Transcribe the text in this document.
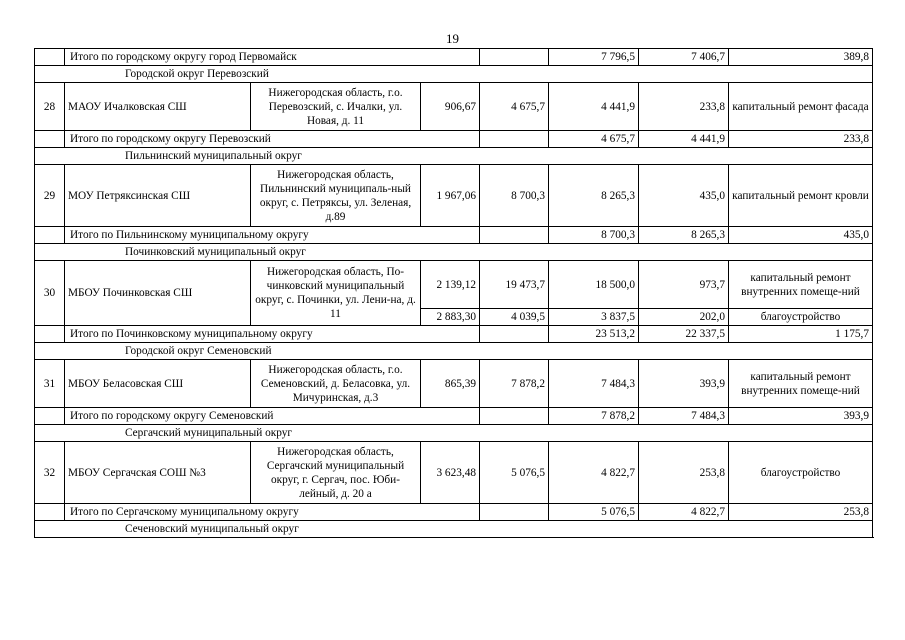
19
	Итого по городскому округу город Первомайск				7 796,5	7 406,7	389,8	
Городской округ Перевозский								
28	МАОУ Ичалковская СШ	Нижегородская область, г.о. Перевозский, с. Ичалки, ул. Новая, д. 11	906,67	4 675,7	4 441,9	233,8	капитальный ремонт фасада	
	Итого по городскому округу Перевозский				4 675,7	4 441,9	233,8	
Пильнинский муниципальный округ								
29	МОУ Петряксинская СШ	Нижегородская область, Пильнинский муниципаль-ный округ, с. Петряксы, ул. Зеленая, д.89	1 967,06	8 700,3	8 265,3	435,0	капитальный ремонт кровли	
	Итого по Пильнинскому муниципальному округу				8 700,3	8 265,3	435,0	
Починковский муниципальный округ								
30	МБОУ Починковская СШ	Нижегородская область, По-чинковский муниципальный округ, с. Починки, ул. Лени-на, д. 11	2 139,12	19 473,7	18 500,0	973,7	капитальный ремонт внутренних помеще-ний	
			2 883,30	4 039,5	3 837,5	202,0	благоустройство	
	Итого по Починковскому муниципальному округу				23 513,2	22 337,5	1 175,7	
Городской округ Семеновский								
31	МБОУ Беласовская СШ	Нижегородская область, г.о. Семеновский, д. Беласовка, ул. Мичуринская, д.3	865,39	7 878,2	7 484,3	393,9	капитальный ремонт внутренних помеще-ний	
	Итого по городскому округу Семеновский				7 878,2	7 484,3	393,9	
Сергачский муниципальный округ								
32	МБОУ Сергачская СОШ №3	Нижегородская область, Сергачский муниципальный округ, г. Сергач, пос. Юби-лейный, д. 20 а	3 623,48	5 076,5	4 822,7	253,8	благоустройство	
	Итого по Сергачскому муниципальному округу				5 076,5	4 822,7	253,8	
Сеченовский муниципальный округ								
